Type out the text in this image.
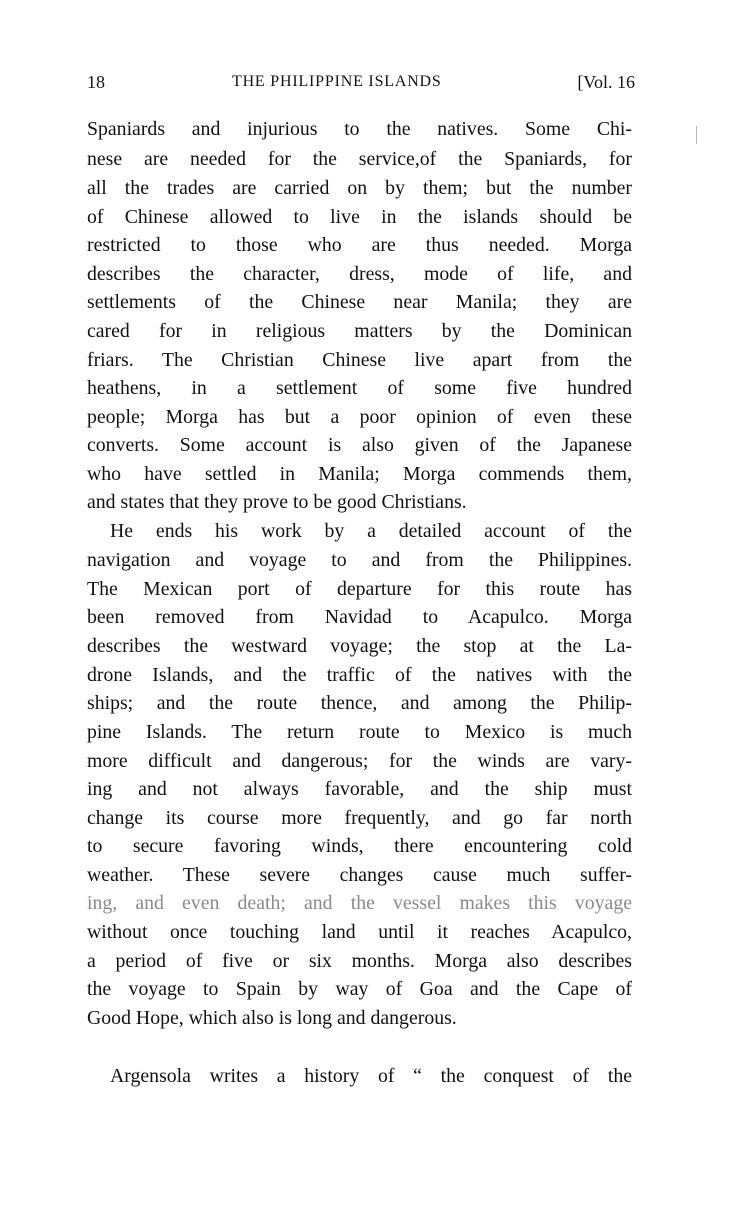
18	THE PHILIPPINE ISLANDS	[Vol. 16
Spaniards and injurious to the natives. Some Chi-
nese are needed for the service,of the Spaniards, for
all the trades are carried on by them; but the number
of Chinese allowed to live in the islands should be
restricted to those who are thus needed. Morga
describes the character, dress, mode of life, and
settlements of the Chinese near Manila; they are
cared for in religious matters by the Dominican
friars. The Christian Chinese live apart from the
heathens, in a settlement of some five hundred
people; Morga has but a poor opinion of even these
converts. Some account is also given of the Japanese
who have settled in Manila; Morga commends them,
and states that they prove to be good Christians.
He ends his work by a detailed account of the
navigation and voyage to and from the Philippines.
The Mexican port of departure for this route has
been removed from Navidad to Acapulco. Morga
describes the westward voyage; the stop at the La-
drone Islands, and the traffic of the natives with the
ships; and the route thence, and among the Philip-
pine Islands. The return route to Mexico is much
more difficult and dangerous; for the winds are vary-
ing and not always favorable, and the ship must
change its course more frequently, and go far north
to secure favoring winds, there encountering cold
weather. These severe changes cause much suffer-
ing, and even death; and the vessel makes this voyage
without once touching land until it reaches Acapulco,
a period of five or six months. Morga also describes
the voyage to Spain by way of Goa and the Cape of
Good Hope, which also is long and dangerous.
Argensola writes a history of “ the conquest of the
